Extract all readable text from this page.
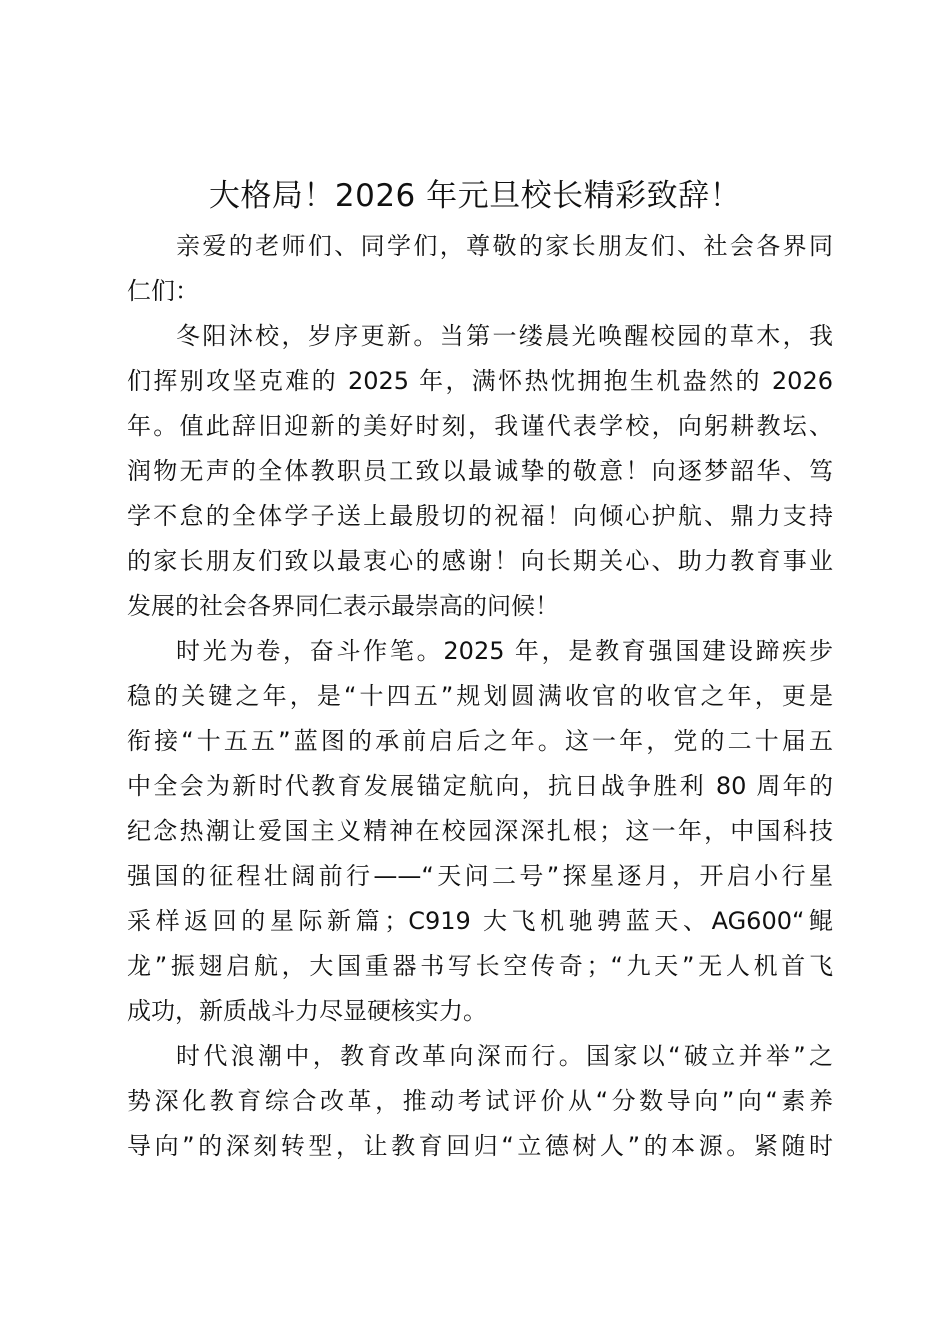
大格局！2026 年元旦校长精彩致辞！
亲爱的老师们、同学们，尊敬的家长朋友们、社会各界同
仁们：
冬阳沐校，岁序更新。当第一缕晨光唤醒校园的草木，我
们挥别攻坚克难的 2025 年，满怀热忱拥抱生机盎然的 2026
年。值此辞旧迎新的美好时刻，我谨代表学校，向躬耕教坛、
润物无声的全体教职员工致以最诚挚的敬意！向逐梦韶华、笃
学不怠的全体学子送上最殷切的祝福！向倾心护航、鼎力支持
的家长朋友们致以最衷心的感谢！向长期关心、助力教育事业
发展的社会各界同仁表示最崇高的问候！
时光为卷，奋斗作笔。2025 年，是教育强国建设蹄疾步
稳的关键之年，是“十四五”规划圆满收官的收官之年，更是
衔接“十五五”蓝图的承前启后之年。这一年，党的二十届五
中全会为新时代教育发展锚定航向，抗日战争胜利 80 周年的
纪念热潮让爱国主义精神在校园深深扎根；这一年，中国科技
强国的征程壮阔前行——“天问二号”探星逐月，开启小行星
采样返回的星际新篇；C919 大飞机驰骋蓝天、AG600“鲲
龙”振翅启航，大国重器书写长空传奇；“九天”无人机首飞
成功，新质战斗力尽显硬核实力。
时代浪潮中，教育改革向深而行。国家以“破立并举”之
势深化教育综合改革，推动考试评价从“分数导向”向“素养
导向”的深刻转型，让教育回归“立德树人”的本源。紧随时
